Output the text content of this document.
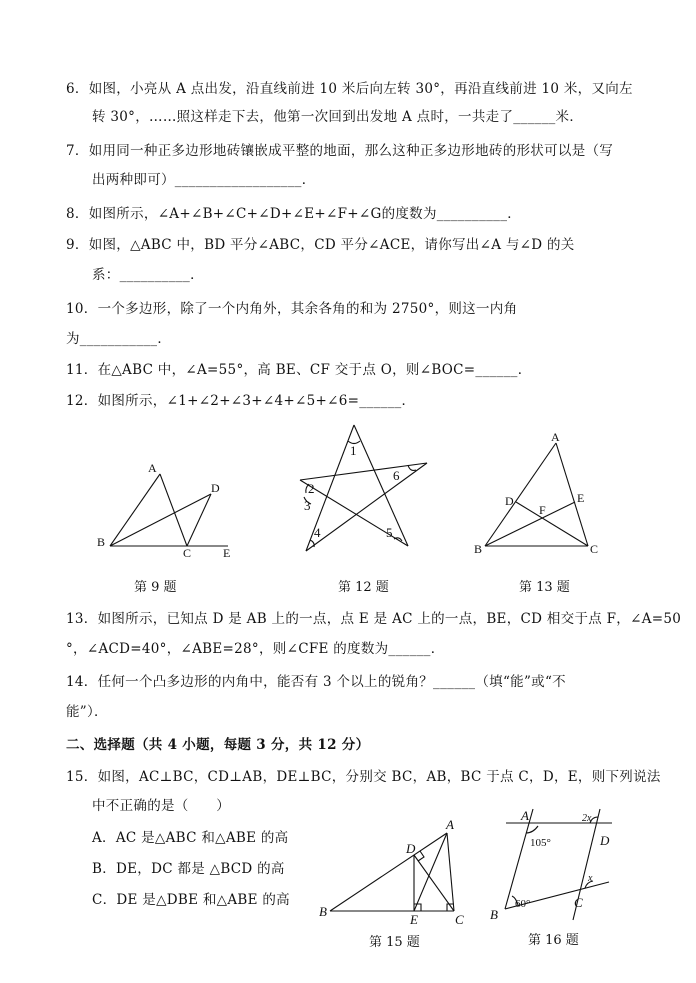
6．如图，小亮从 A 点出发，沿直线前进 10 米后向左转 30°，再沿直线前进 10 米，又向左
转 30°，……照这样走下去，他第一次回到出发地 A 点时，一共走了______米．
7．如用同一种正多边形地砖镶嵌成平整的地面，那么这种正多边形地砖的形状可以是（写
出两种即可）__________________．
8．如图所示，∠A+∠B+∠C+∠D+∠E+∠F+∠G的度数为__________．
9．如图，△ABC 中，BD 平分∠ABC，CD 平分∠ACE，请你写出∠A 与∠D 的关
系：__________．
10．一个多边形，除了一个内角外，其余各角的和为 2750°，则这一内角
为___________．
11．在△ABC 中，∠A=55°，高 BE、CF 交于点 O，则∠BOC=______．
12．如图所示，∠1+∠2+∠3+∠4+∠5+∠6=______．
A
B
C
D
E
第 9 题
1
2
3
4	5
6
第 12 题
A
B	C
D	E
F
第 13 题
13．如图所示，已知点 D 是 AB 上的一点，点 E 是 AC 上的一点，BE，CD 相交于点 F，∠A=50
°，∠ACD=40°，∠ABE=28°，则∠CFE 的度数为______．
14．任何一个凸多边形的内角中，能否有 3 个以上的锐角？______（填“能”或“不
能”）．
二、选择题（共 4 小题，每题 3 分，共 12 分）
15．如图，AC⊥BC，CD⊥AB，DE⊥BC，分别交 BC，AB，BC 于点 C，D，E，则下列说法
中不正确的是（　　）
A．AC 是△ABC 和△ABE 的高
B．DE，DC 都是 △BCD 的高
C．DE 是△DBE 和△ABE 的高
A
B
C
D
E
第 15 题
A
D
B
C
105°
60°
2x
x
第 16 题
